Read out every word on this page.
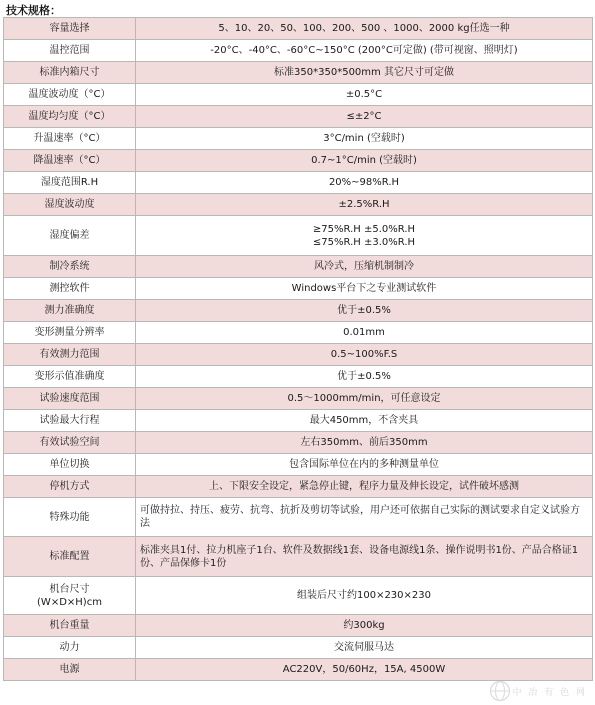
技术规格：
容量选择	5、10、20、50、100、200、500 、1000、2000 kg任选一种

温控范围	-20°C、-40°C、-60°C~150°C (200°C可定做) (带可视窗、照明灯)

标准内箱尺寸	标准350*350*500mm 其它尺寸可定做

温度波动度（°C）	±0.5°C

温度均匀度（°C）	≤±2°C

升温速率（°C）	3°C/min (空载时)

降温速率（°C）	0.7~1°C/min (空载时)

湿度范围R.H	20%~98%R.H

湿度波动度	±2.5%R.H

湿度偏差	≥75%R.H ±5.0%R.H
≤75%R.H ±3.0%R.H

制冷系统	风冷式，压缩机制制冷

测控软件	Windows平台下之专业测试软件

测力准确度	优于±0.5%

变形测量分辨率	0.01mm

有效测力范围	0.5~100%F.S

变形示值准确度	优于±0.5%

试验速度范围	0.5～1000mm/min，可任意设定

试验最大行程	最大450mm，不含夹具

有效试验空间	左右350mm、前后350mm

单位切换	包含国际单位在内的多种测量单位

停机方式	上、下限安全设定，紧急停止键，程序力量及伸长设定，试件破坏感测

特殊功能	可做持拉、持压、疲劳、抗弯、抗折及剪切等试验，用户还可依据自己实际的测试要求自定义试验方法

标准配置	标准夹具1付、拉力机座子1台、软件及数据线1套、设备电源线1条、操作说明书1份、产品合格证1份、产品保修卡1份

机台尺寸
(W×D×H)cm	组装后尺寸约100×230×230

机台重量	约300kg

动力	交流伺服马达

电源	AC220V，50/60Hz，15A, 4500W
中 冶 有 色 网
